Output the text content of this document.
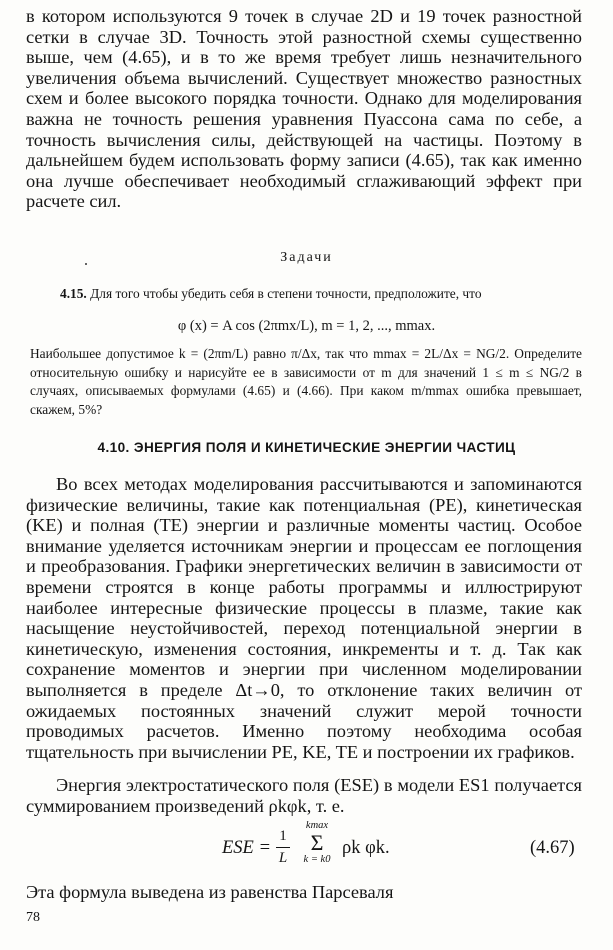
в котором используются 9 точек в случае 2D и 19 точек разностной сетки в случае 3D. Точность этой разностной схемы существенно выше, чем (4.65), и в то же время требует лишь незначительного увеличения объема вычислений. Существует множество разностных схем и более высокого порядка точности. Однако для моделирования важна не точность решения уравнения Пуассона сама по себе, а точность вычисления силы, действующей на частицы. Поэтому в дальнейшем будем использовать форму записи (4.65), так как именно она лучше обеспечивает необходимый сглаживающий эффект при расчете сил.

Задачи

4.15. Для того чтобы убедить себя в степени точности, предположите, что

φ (x) = A cos (2πmx/L), m = 1, 2, ..., mmax.

Наибольшее допустимое k = (2πm/L) равно π/Δx, так что mmax = 2L/Δx = NG/2. Определите относительную ошибку и нарисуйте ее в зависимости от m для значений 1 ≤ m ≤ NG/2 в случаях, описываемых формулами (4.65) и (4.66). При каком m/mmax ошибка превышает, скажем, 5%?

4.10. ЭНЕРГИЯ ПОЛЯ И КИНЕТИЧЕСКИЕ ЭНЕРГИИ ЧАСТИЦ

Во всех методах моделирования рассчитываются и запоминаются физические величины, такие как потенциальная (PE), кинетическая (KE) и полная (TE) энергии и различные моменты частиц. Особое внимание уделяется источникам энергии и процессам ее поглощения и преобразования. Графики энергетических величин в зависимости от времени строятся в конце работы программы и иллюстрируют наиболее интересные физические процессы в плазме, такие как насыщение неустойчивостей, переход потенциальной энергии в кинетическую, изменения состояния, инкременты и т. д. Так как сохранение моментов и энергии при численном моделировании выполняется в пределе Δt→0, то отклонение таких величин от ожидаемых постоянных значений служит мерой точности проводимых расчетов. Именно поэтому необходима особая тщательность при вычислении PE, KE, TE и построении их графиков.

Энергия электростатического поля (ESE) в модели ES1 получается суммированием произведений ρkφk, т. е.

ESE =
1
L
kmax
Σ
k = k0
ρk φk.	(4.67)

Эта формула выведена из равенства Парсеваля

78
